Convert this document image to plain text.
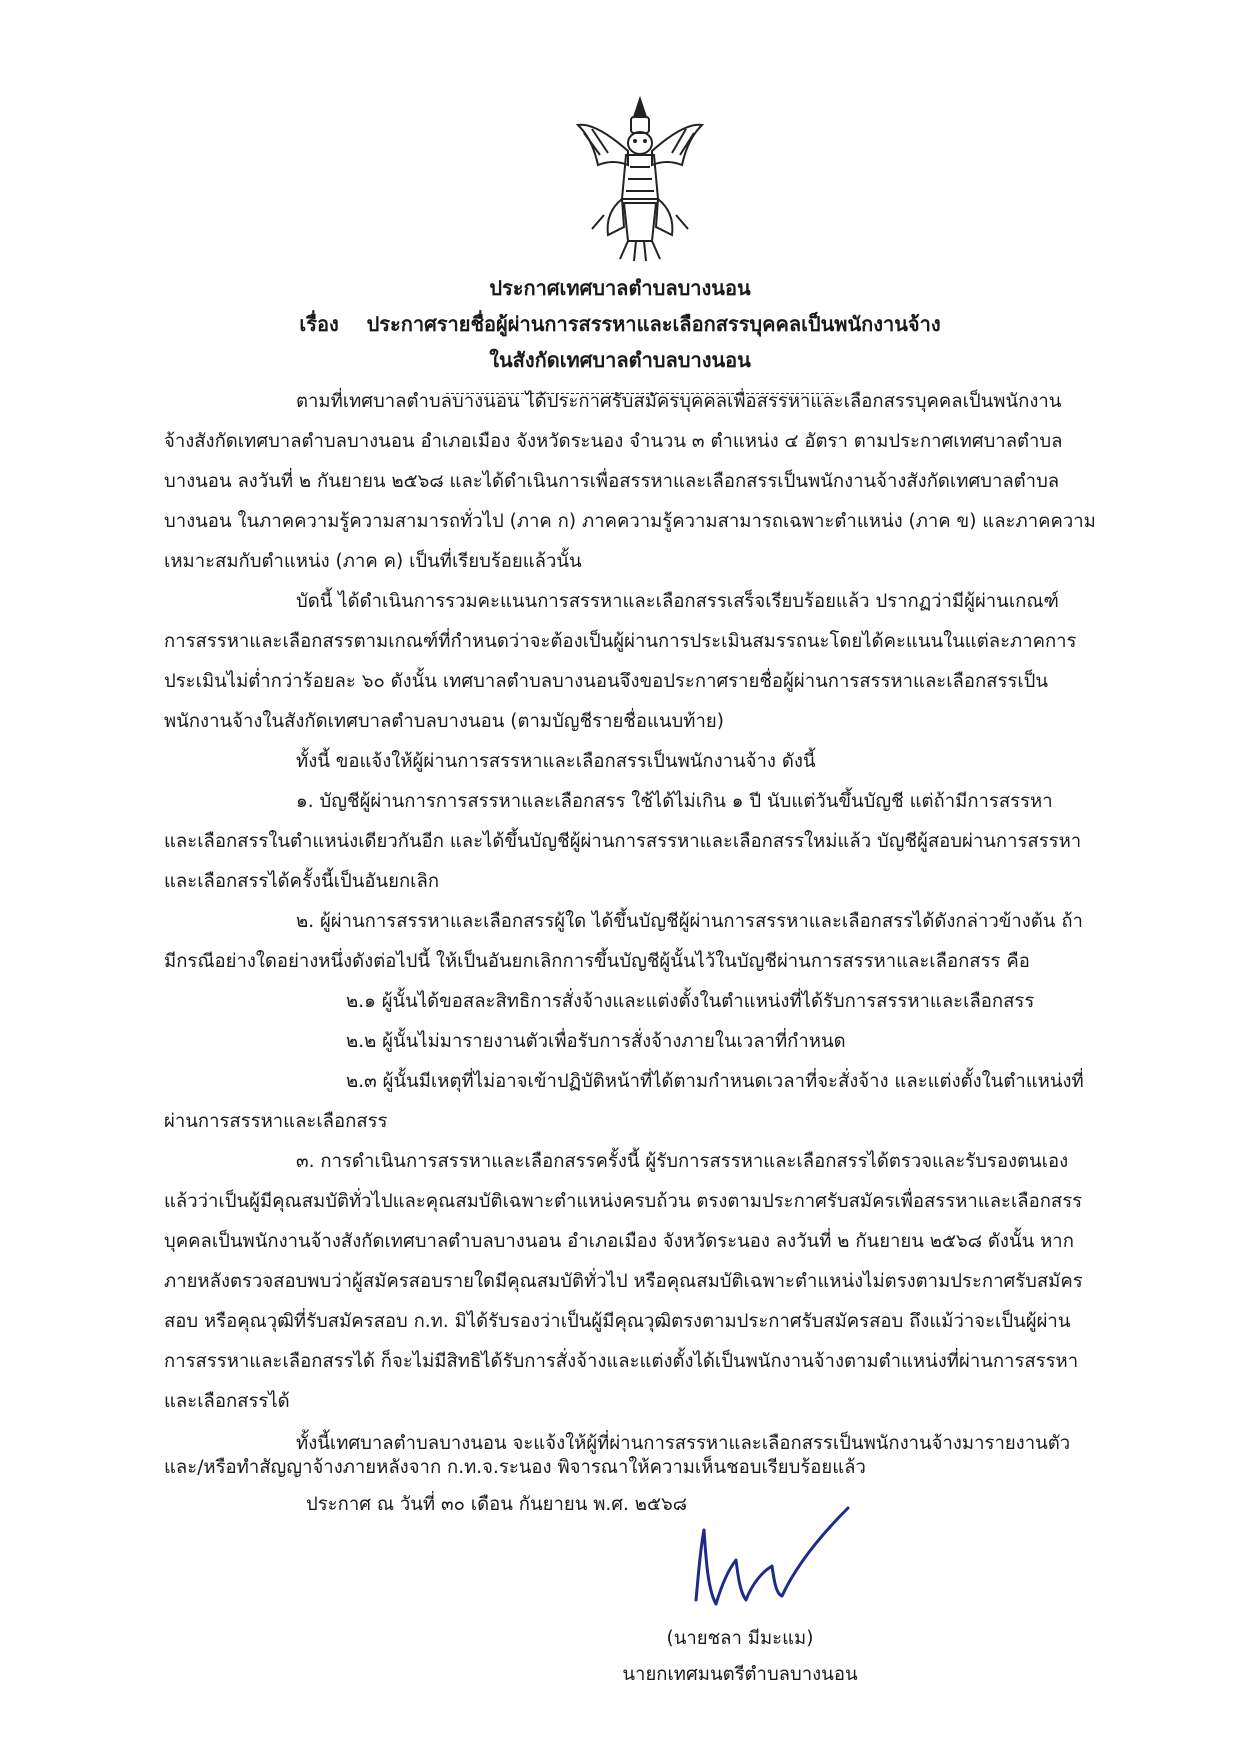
ประกาศเทศบาลตำบลบางนอน
เรื่อง    ประกาศรายชื่อผู้ผ่านการสรรหาและเลือกสรรบุคคลเป็นพนักงานจ้าง
ในสังกัดเทศบาลตำบลบางนอน
ตามที่เทศบาลตำบลบางนอน ได้ประกาศรับสมัครบุคคลเพื่อสรรหาและเลือกสรรบุคคลเป็นพนักงาน
จ้างสังกัดเทศบาลตำบลบางนอน อำเภอเมือง จังหวัดระนอง จำนวน ๓ ตำแหน่ง ๔ อัตรา ตามประกาศเทศบาลตำบล
บางนอน ลงวันที่ ๒ กันยายน ๒๕๖๘ และได้ดำเนินการเพื่อสรรหาและเลือกสรรเป็นพนักงานจ้างสังกัดเทศบาลตำบล
บางนอน ในภาคความรู้ความสามารถทั่วไป (ภาค ก) ภาคความรู้ความสามารถเฉพาะตำแหน่ง (ภาค ข) และภาคความ
เหมาะสมกับตำแหน่ง (ภาค ค) เป็นที่เรียบร้อยแล้วนั้น
บัดนี้ ได้ดำเนินการรวมคะแนนการสรรหาและเลือกสรรเสร็จเรียบร้อยแล้ว ปรากฏว่ามีผู้ผ่านเกณฑ์
การสรรหาและเลือกสรรตามเกณฑ์ที่กำหนดว่าจะต้องเป็นผู้ผ่านการประเมินสมรรถนะโดยได้คะแนนในแต่ละภาคการ
ประเมินไม่ต่ำกว่าร้อยละ ๖๐ ดังนั้น เทศบาลตำบลบางนอนจึงขอประกาศรายชื่อผู้ผ่านการสรรหาและเลือกสรรเป็น
พนักงานจ้างในสังกัดเทศบาลตำบลบางนอน (ตามบัญชีรายชื่อแนบท้าย)
ทั้งนี้ ขอแจ้งให้ผู้ผ่านการสรรหาและเลือกสรรเป็นพนักงานจ้าง ดังนี้
๑. บัญชีผู้ผ่านการการสรรหาและเลือกสรร ใช้ได้ไม่เกิน ๑ ปี นับแต่วันขึ้นบัญชี แต่ถ้ามีการสรรหา
และเลือกสรรในตำแหน่งเดียวกันอีก และได้ขึ้นบัญชีผู้ผ่านการสรรหาและเลือกสรรใหม่แล้ว บัญชีผู้สอบผ่านการสรรหา
และเลือกสรรได้ครั้งนี้เป็นอันยกเลิก
๒. ผู้ผ่านการสรรหาและเลือกสรรผู้ใด ได้ขึ้นบัญชีผู้ผ่านการสรรหาและเลือกสรรได้ดังกล่าวข้างต้น ถ้า
มีกรณีอย่างใดอย่างหนึ่งดังต่อไปนี้ ให้เป็นอันยกเลิกการขึ้นบัญชีผู้นั้นไว้ในบัญชีผ่านการสรรหาและเลือกสรร คือ
๒.๑ ผู้นั้นได้ขอสละสิทธิการสั่งจ้างและแต่งตั้งในตำแหน่งที่ได้รับการสรรหาและเลือกสรร
๒.๒ ผู้นั้นไม่มารายงานตัวเพื่อรับการสั่งจ้างภายในเวลาที่กำหนด
๒.๓ ผู้นั้นมีเหตุที่ไม่อาจเข้าปฏิบัติหน้าที่ได้ตามกำหนดเวลาที่จะสั่งจ้าง และแต่งตั้งในตำแหน่งที่
ผ่านการสรรหาและเลือกสรร
๓. การดำเนินการสรรหาและเลือกสรรครั้งนี้ ผู้รับการสรรหาและเลือกสรรได้ตรวจและรับรองตนเอง
แล้วว่าเป็นผู้มีคุณสมบัติทั่วไปและคุณสมบัติเฉพาะตำแหน่งครบถ้วน ตรงตามประกาศรับสมัครเพื่อสรรหาและเลือกสรร
บุคคลเป็นพนักงานจ้างสังกัดเทศบาลตำบลบางนอน อำเภอเมือง จังหวัดระนอง ลงวันที่ ๒ กันยายน ๒๕๖๘ ดังนั้น หาก
ภายหลังตรวจสอบพบว่าผู้สมัครสอบรายใดมีคุณสมบัติทั่วไป หรือคุณสมบัติเฉพาะตำแหน่งไม่ตรงตามประกาศรับสมัคร
สอบ หรือคุณวุฒิที่รับสมัครสอบ ก.ท. มิได้รับรองว่าเป็นผู้มีคุณวุฒิตรงตามประกาศรับสมัครสอบ ถึงแม้ว่าจะเป็นผู้ผ่าน
การสรรหาและเลือกสรรได้ ก็จะไม่มีสิทธิได้รับการสั่งจ้างและแต่งตั้งได้เป็นพนักงานจ้างตามตำแหน่งที่ผ่านการสรรหา
และเลือกสรรได้
ทั้งนี้เทศบาลตำบลบางนอน จะแจ้งให้ผู้ที่ผ่านการสรรหาและเลือกสรรเป็นพนักงานจ้างมารายงานตัว
และ/หรือทำสัญญาจ้างภายหลังจาก ก.ท.จ.ระนอง พิจารณาให้ความเห็นชอบเรียบร้อยแล้ว
ประกาศ ณ วันที่ ๓๐ เดือน กันยายน พ.ศ. ๒๕๖๘
(นายชลา มีมะแม)
นายกเทศมนตรีตำบลบางนอน
